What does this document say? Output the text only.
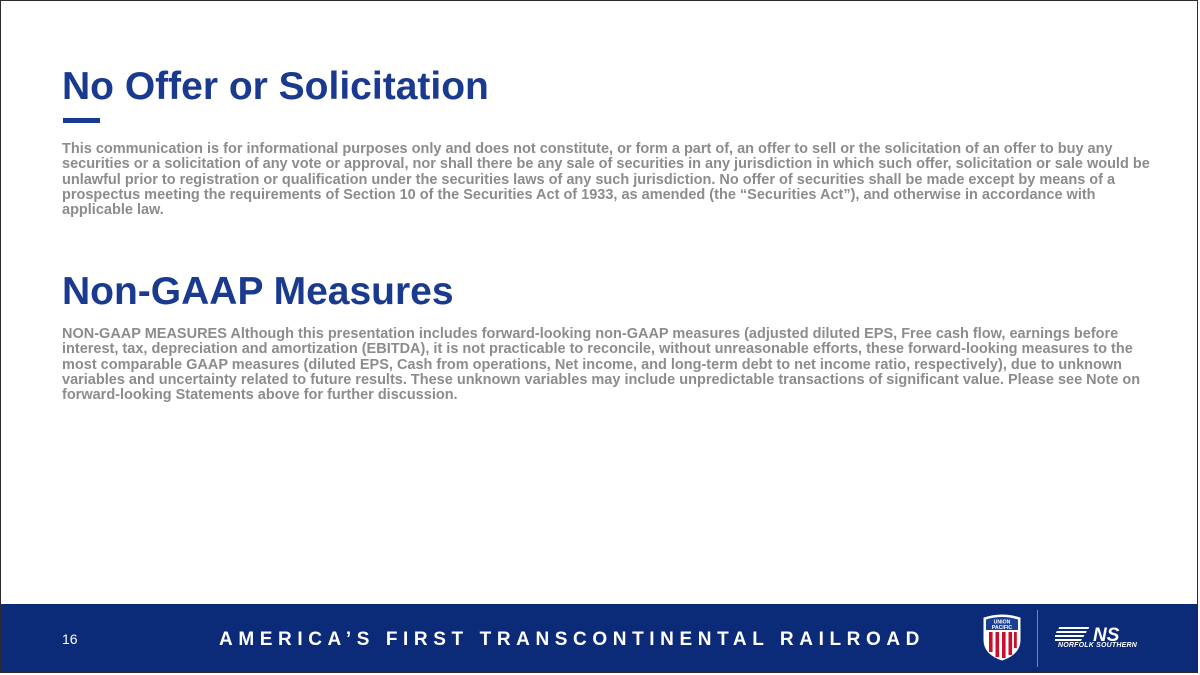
No Offer or Solicitation

This communication is for informational purposes only and does not constitute, or form a part of, an offer to sell or the solicitation of an offer to buy any securities or a solicitation of any vote or approval, nor shall there be any sale of securities in any jurisdiction in which such offer, solicitation or sale would be unlawful prior to registration or qualification under the securities laws of any such jurisdiction. No offer of securities shall be made except by means of a prospectus meeting the requirements of Section 10 of the Securities Act of 1933, as amended (the “Securities Act”), and otherwise in accordance with applicable law.

Non-GAAP Measures

NON-GAAP MEASURES Although this presentation includes forward-looking non-GAAP measures (adjusted diluted EPS, Free cash flow, earnings before interest, tax, depreciation and amortization (EBITDA), it is not practicable to reconcile, without unreasonable efforts, these forward-looking measures to the most comparable GAAP measures (diluted EPS, Cash from operations, Net income, and long-term debt to net income ratio, respectively), due to unknown variables and uncertainty related to future results. These unknown variables may include unpredictable transactions of significant value. Please see Note on forward-looking Statements above for further discussion.

16	AMERICA’S FIRST TRANSCONTINENTAL RAILROAD
UNION
PACIFIC	NS
NORFOLK SOUTHERN
